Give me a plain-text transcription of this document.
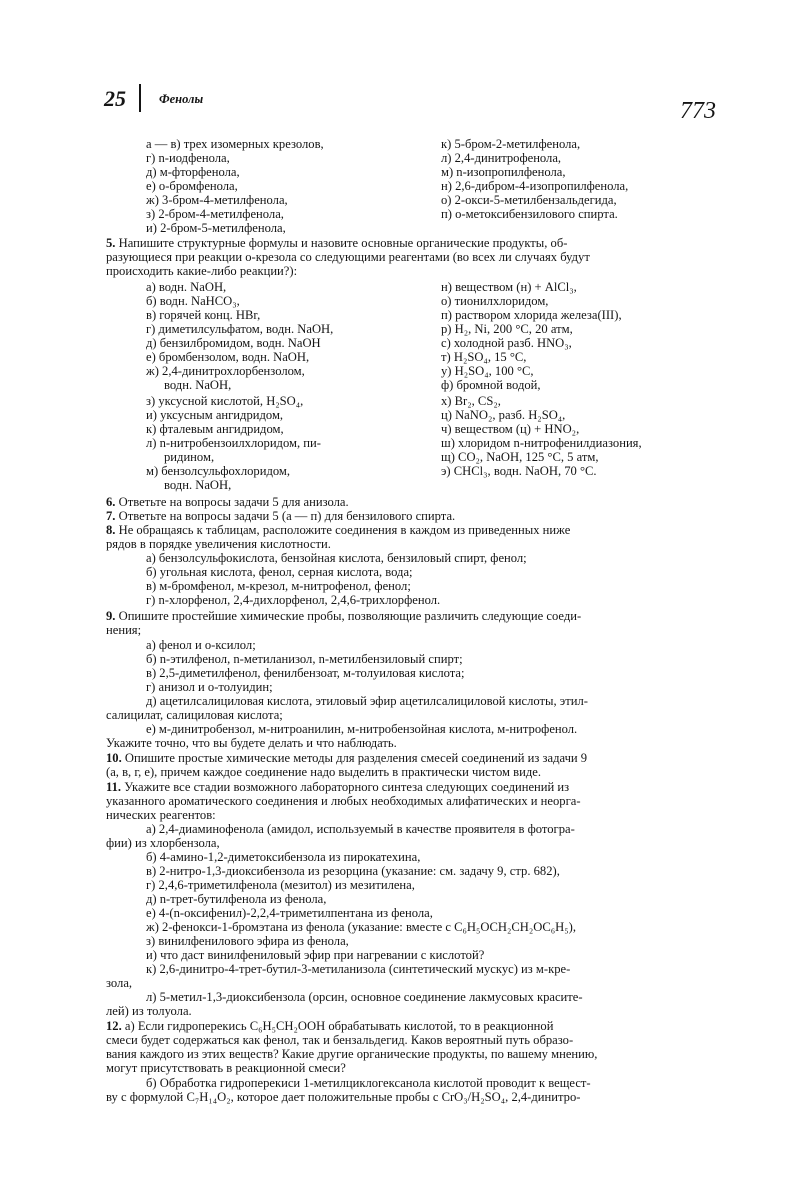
25	Фенолы	773
а — в) трех изомерных крезолов,
г) n-иодфенола,
д) м-фторфенола,
е) о-бромфенола,
ж) 3-бром-4-метилфенола,
з) 2-бром-4-метилфенола,
и) 2-бром-5-метилфенола,
к) 5-бром-2-метилфенола,
л) 2,4-динитрофенола,
м) n-изопропилфенола,
н) 2,6-дибром-4-изопропилфенола,
о) 2-окси-5-метилбензальдегида,
п) о-метоксибензилового спирта.
5. Напишите структурные формулы и назовите основные органические продукты, об-
разующиеся при реакции о-крезола со следующими реагентами (во всех ли случаях будут
происходить какие-либо реакции?):
а) водн. NaOH,
б) водн. NaHCO₃,
в) горячей конц. HBr,
г) диметилсульфатом, водн. NaOH,
д) бензилбромидом, водн. NaOH
е) бромбензолом, водн. NaOH,
ж) 2,4-динитрохлорбензолом,
водн. NaOH,
з) уксусной кислотой, H₂SO₄,
и) уксусным ангидридом,
к) фталевым ангидридом,
л) n-нитробензоилхлоридом, пи-
ридином,
м) бензолсульфохлоридом,
водн. NaOH,
н) веществом (н) + AlCl₃,
о) тионилхлоридом,
п) раствором хлорида железа(III),
р) H₂, Ni, 200 °C, 20 атм,
с) холодной разб. HNO₃,
т) H₂SO₄, 15 °C,
у) H₂SO₄, 100 °C,
ф) бромной водой,
х) Br₂, CS₂,
ц) NaNO₂, разб. H₂SO₄,
ч) веществом (ц) + HNO₂,
ш) хлоридом n-нитрофенилдиазония,
щ) CO₂, NaOH, 125 °C, 5 атм,
э) CHCl₃, водн. NaOH, 70 °C.
6. Ответьте на вопросы задачи 5 для анизола.
7. Ответьте на вопросы задачи 5 (а — п) для бензилового спирта.
8. Не обращаясь к таблицам, расположите соединения в каждом из приведенных ниже
рядов в порядке увеличения кислотности.
а) бензолсульфокислота, бензойная кислота, бензиловый спирт, фенол;
б) угольная кислота, фенол, серная кислота, вода;
в) м-бромфенол, м-крезол, м-нитрофенол, фенол;
г) n-хлорфенол, 2,4-дихлорфенол, 2,4,6-трихлорфенол.
9. Опишите простейшие химические пробы, позволяющие различить следующие соеди-
нения;
а) фенол и о-ксилол;
б) n-этилфенол, n-метиланизол, n-метилбензиловый спирт;
в) 2,5-диметилфенол, фенилбензоат, м-толуиловая кислота;
г) анизол и о-толуидин;
д) ацетилсалициловая кислота, этиловый эфир ацетилсалициловой кислоты, этил-
салицилат, салициловая кислота;
е) м-динитробензол, м-нитроанилин, м-нитробензойная кислота, м-нитрофенол.
Укажите точно, что вы будете делать и что наблюдать.
10. Опишите простые химические методы для разделения смесей соединений из задачи 9
(а, в, г, е), причем каждое соединение надо выделить в практически чистом виде.
11. Укажите все стадии возможного лабораторного синтеза следующих соединений из
указанного ароматического соединения и любых необходимых алифатических и неорга-
нических реагентов:
а) 2,4-диаминофенола (амидол, используемый в качестве проявителя в фотогра-
фии) из хлорбензола,
б) 4-амино-1,2-диметоксибензола из пирокатехина,
в) 2-нитро-1,3-диоксибензола из резорцина (указание: см. задачу 9, стр. 682),
г) 2,4,6-триметилфенола (мезитол) из мезитилена,
д) n-трет-бутилфенола из фенола,
е) 4-(n-оксифенил)-2,2,4-триметилпентана из фенола,
ж) 2-фенокси-1-бромэтана из фенола (указание: вместе с C₆H₅OCH₂CH₂OC₆H₅),
з) винилфенилового эфира из фенола,
и) что даст винилфениловый эфир при нагревании с кислотой?
к) 2,6-динитро-4-трет-бутил-3-метиланизола (синтетический мускус) из м-кре-
зола,
л) 5-метил-1,3-диоксибензола (орсин, основное соединение лакмусовых красите-
лей) из толуола.
12. а) Если гидроперекись C₆H₅CH₂OOH обрабатывать кислотой, то в реакционной
смеси будет содержаться как фенол, так и бензальдегид. Каков вероятный путь образо-
вания каждого из этих веществ? Какие другие органические продукты, по вашему мнению,
могут присутствовать в реакционной смеси?
б) Обработка гидроперекиси 1-метилциклогексанола кислотой проводит к вещест-
ву с формулой C₇H₁₄O₂, которое дает положительные пробы с CrO₃/H₂SO₄, 2,4-динитро-
